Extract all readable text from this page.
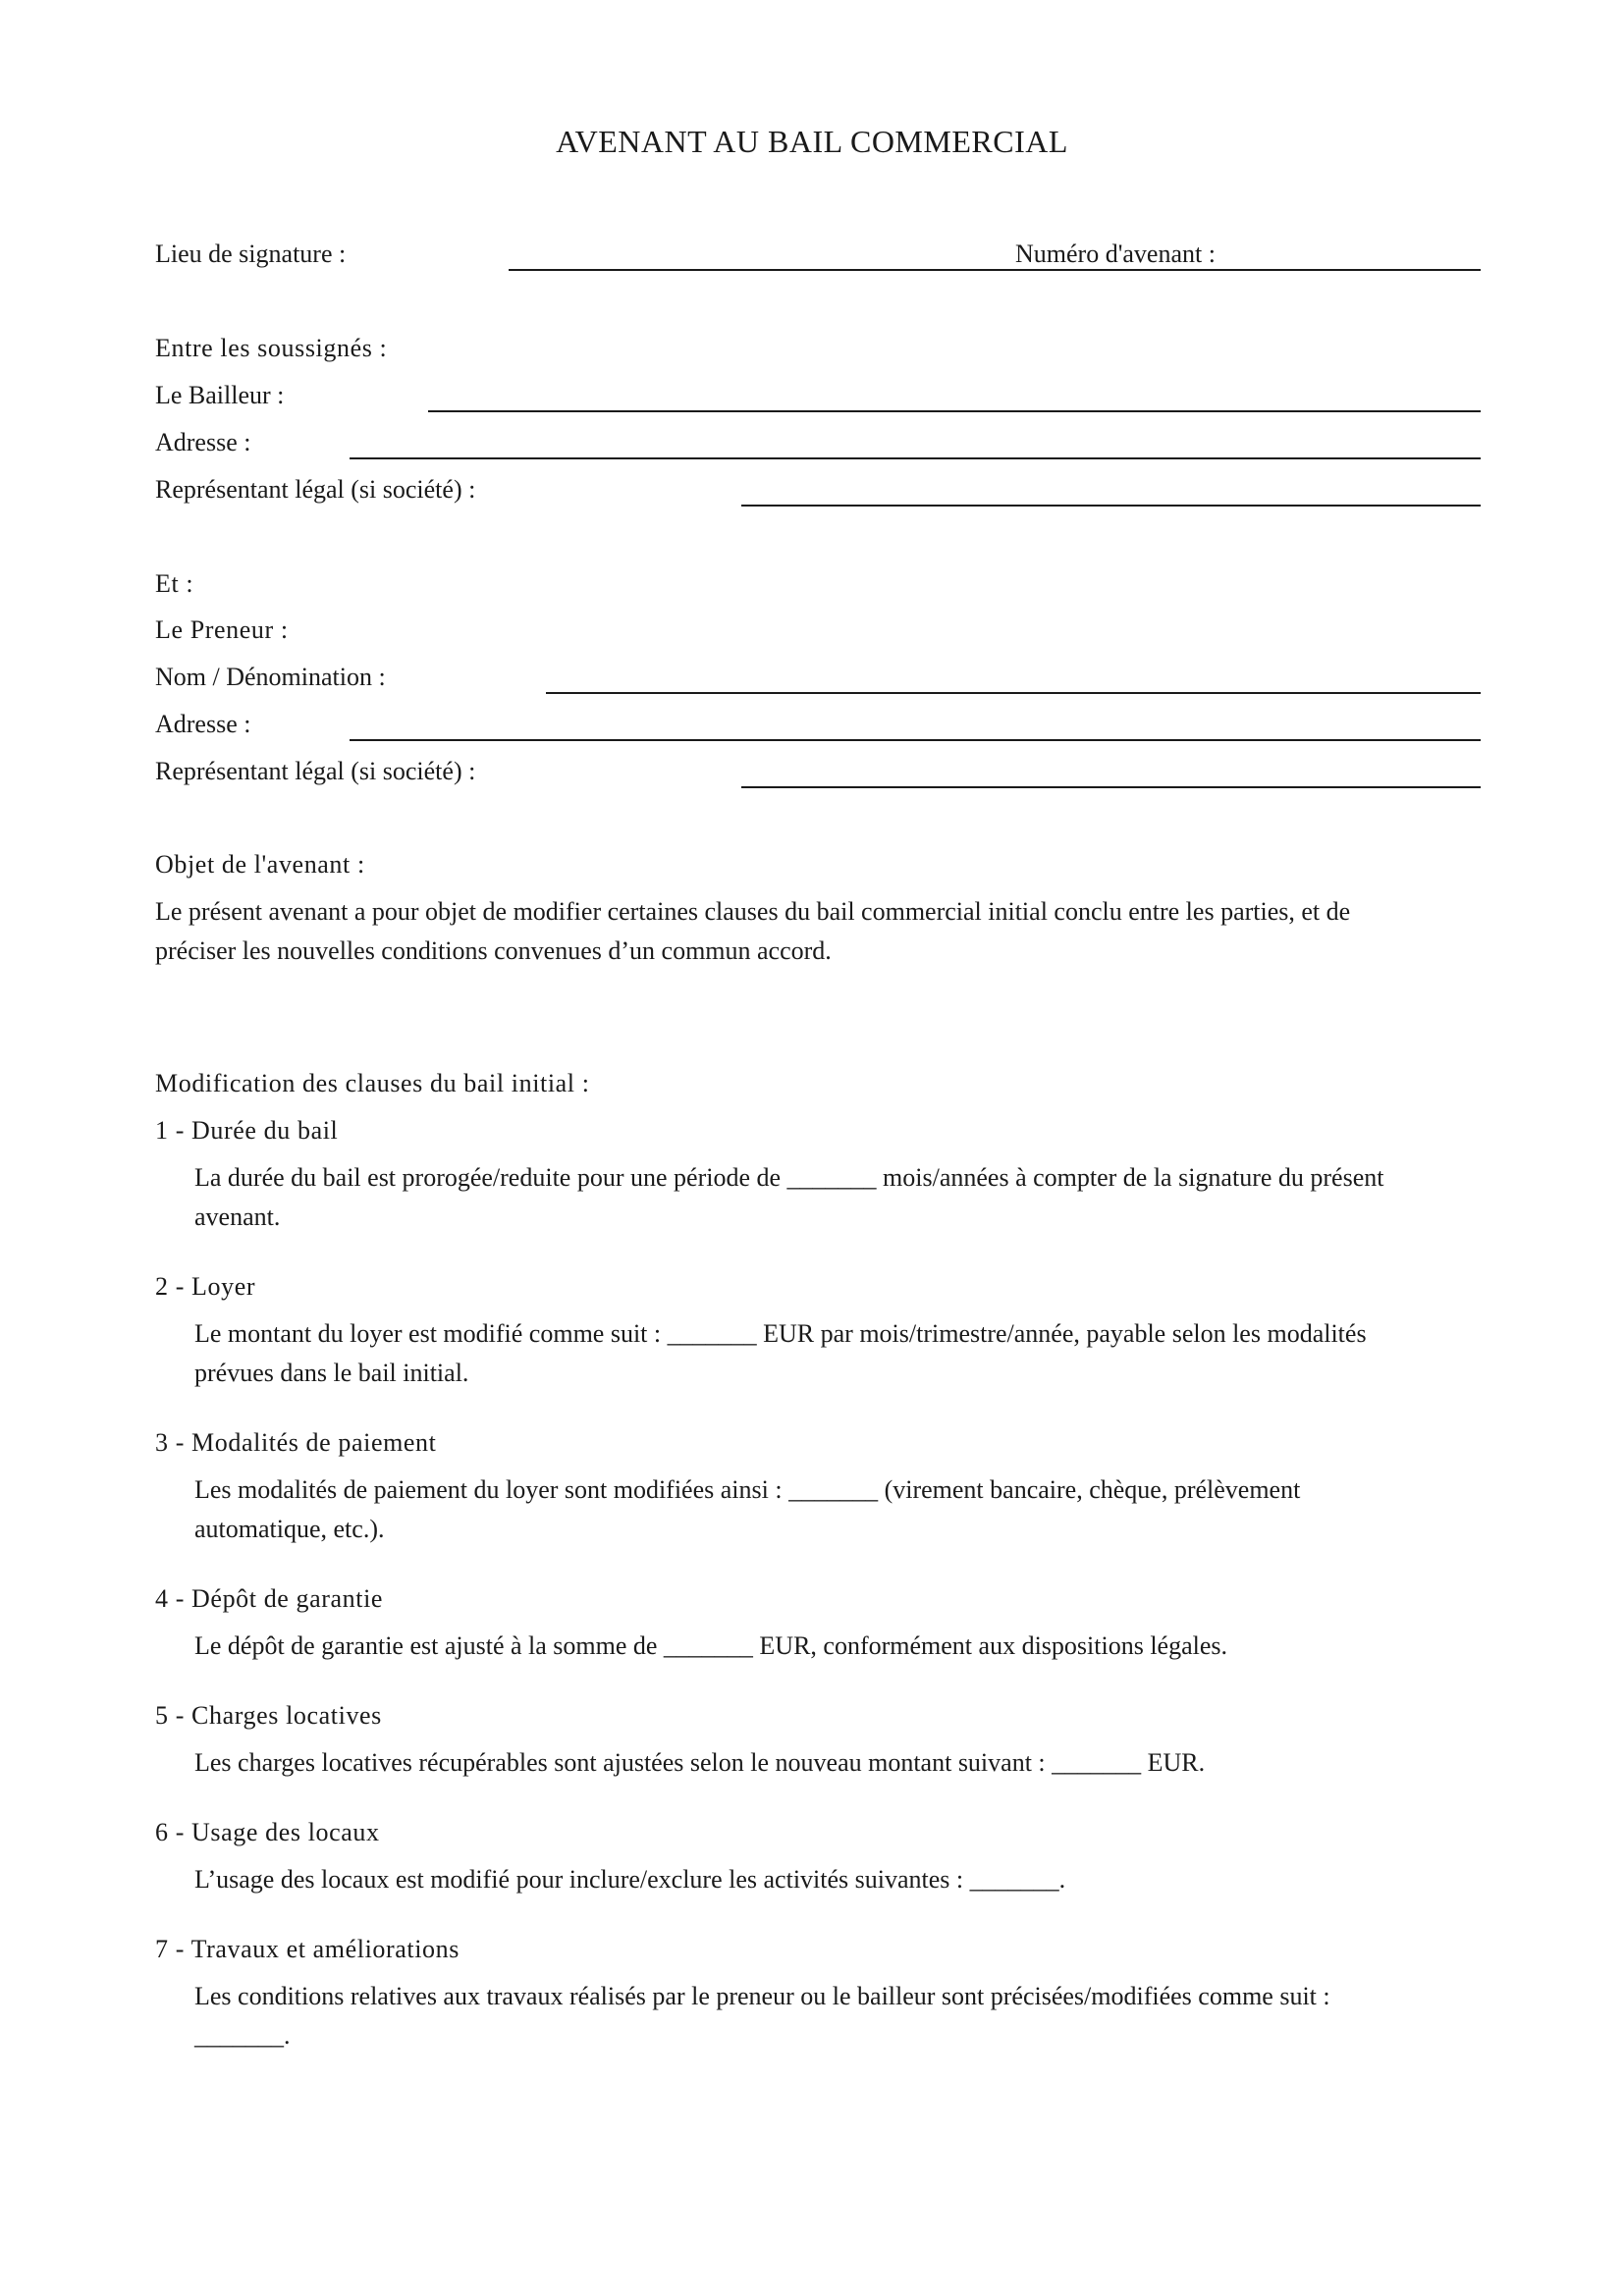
AVENANT AU BAIL COMMERCIAL
Lieu de signature :	Numéro d'avenant :
Entre les soussignés :
Le Bailleur :
Adresse :
Représentant légal (si société) :
Et :
Le Preneur :
Nom / Dénomination :
Adresse :
Représentant légal (si société) :
Objet de l'avenant :
Le présent avenant a pour objet de modifier certaines clauses du bail commercial initial conclu entre les parties, et de
préciser les nouvelles conditions convenues d’un commun accord.
Modification des clauses du bail initial :
1 - Durée du bail
La durée du bail est prorogée/reduite pour une période de _______ mois/années à compter de la signature du présent
avenant.
2 - Loyer
Le montant du loyer est modifié comme suit : _______ EUR par mois/trimestre/année, payable selon les modalités
prévues dans le bail initial.
3 - Modalités de paiement
Les modalités de paiement du loyer sont modifiées ainsi : _______ (virement bancaire, chèque, prélèvement
automatique, etc.).
4 - Dépôt de garantie
Le dépôt de garantie est ajusté à la somme de _______ EUR, conformément aux dispositions légales.
5 - Charges locatives
Les charges locatives récupérables sont ajustées selon le nouveau montant suivant : _______ EUR.
6 - Usage des locaux
L’usage des locaux est modifié pour inclure/exclure les activités suivantes : _______.
7 - Travaux et améliorations
Les conditions relatives aux travaux réalisés par le preneur ou le bailleur sont précisées/modifiées comme suit :
_______.
